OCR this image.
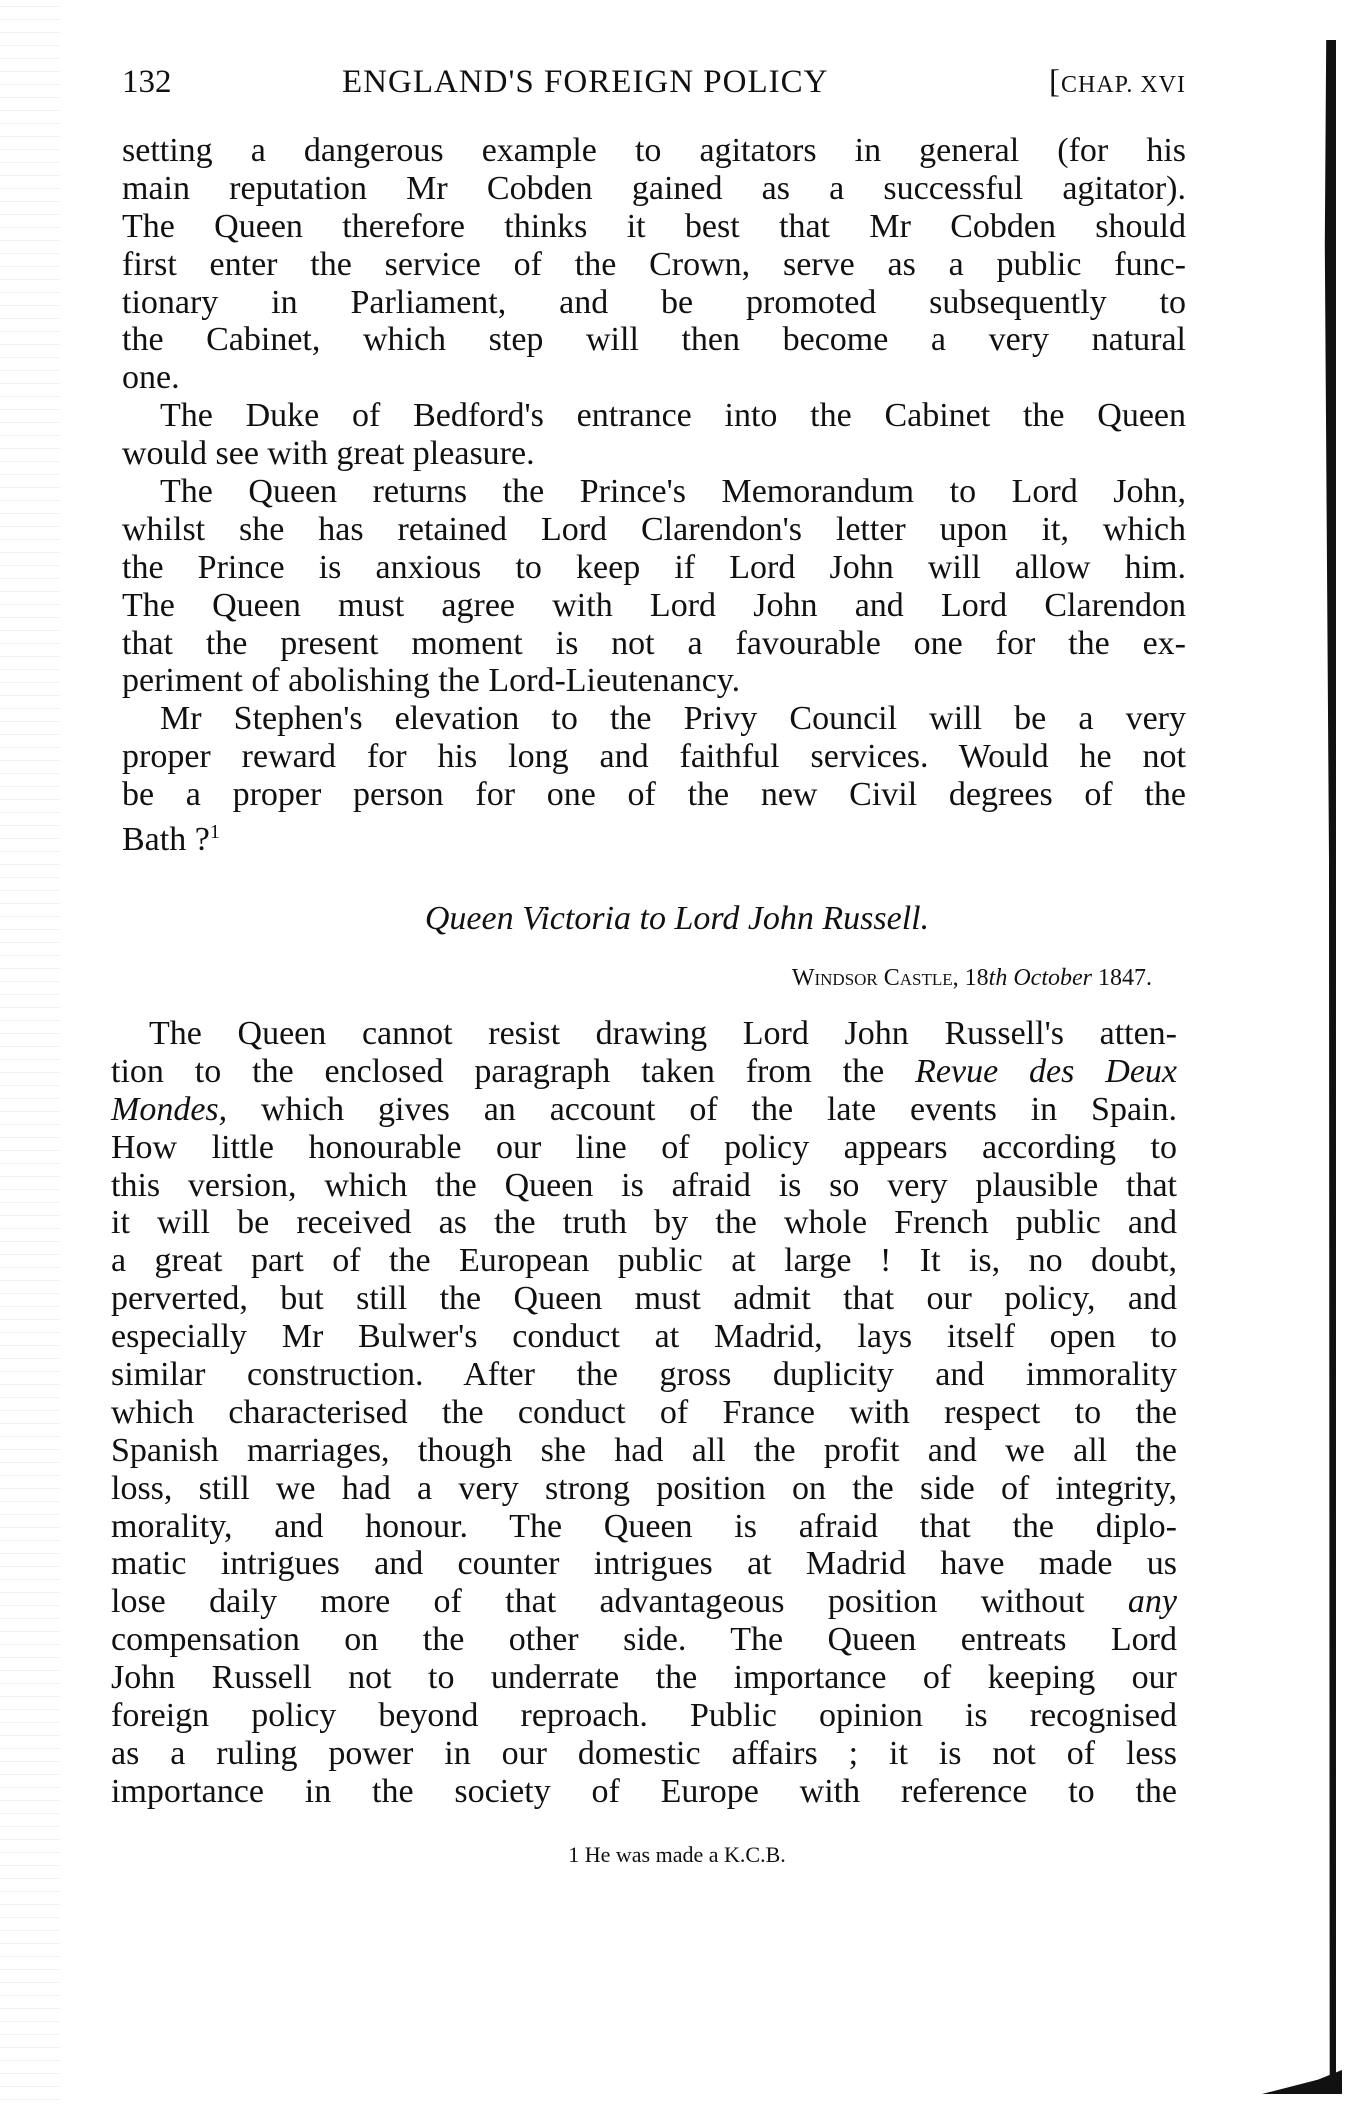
132	ENGLAND'S FOREIGN POLICY	[CHAP. XVI
setting a dangerous example to agitators in general (for his
main reputation Mr Cobden gained as a successful agitator).
The Queen therefore thinks it best that Mr Cobden should
first enter the service of the Crown, serve as a public func-
tionary in Parliament, and be promoted subsequently to
the Cabinet, which step will then become a very natural
one.
The Duke of Bedford's entrance into the Cabinet the Queen
would see with great pleasure.
The Queen returns the Prince's Memorandum to Lord John,
whilst she has retained Lord Clarendon's letter upon it, which
the Prince is anxious to keep if Lord John will allow him.
The Queen must agree with Lord John and Lord Clarendon
that the present moment is not a favourable one for the ex-
periment of abolishing the Lord-Lieutenancy.
Mr Stephen's elevation to the Privy Council will be a very
proper reward for his long and faithful services. Would he not
be a proper person for one of the new Civil degrees of the
Bath ?$^1$
Queen Victoria to Lord John Russell.
Windsor Castle, 18th October 1847.
The Queen cannot resist drawing Lord John Russell's atten-
tion to the enclosed paragraph taken from the Revue des Deux
Mondes, which gives an account of the late events in Spain.
How little honourable our line of policy appears according to
this version, which the Queen is afraid is so very plausible that
it will be received as the truth by the whole French public and
a great part of the European public at large ! It is, no doubt,
perverted, but still the Queen must admit that our policy, and
especially Mr Bulwer's conduct at Madrid, lays itself open to
similar construction. After the gross duplicity and immorality
which characterised the conduct of France with respect to the
Spanish marriages, though she had all the profit and we all the
loss, still we had a very strong position on the side of integrity,
morality, and honour. The Queen is afraid that the diplo-
matic intrigues and counter intrigues at Madrid have made us
lose daily more of that advantageous position without any
compensation on the other side. The Queen entreats Lord
John Russell not to underrate the importance of keeping our
foreign policy beyond reproach. Public opinion is recognised
as a ruling power in our domestic affairs ; it is not of less
importance in the society of Europe with reference to the
1 He was made a K.C.B.
